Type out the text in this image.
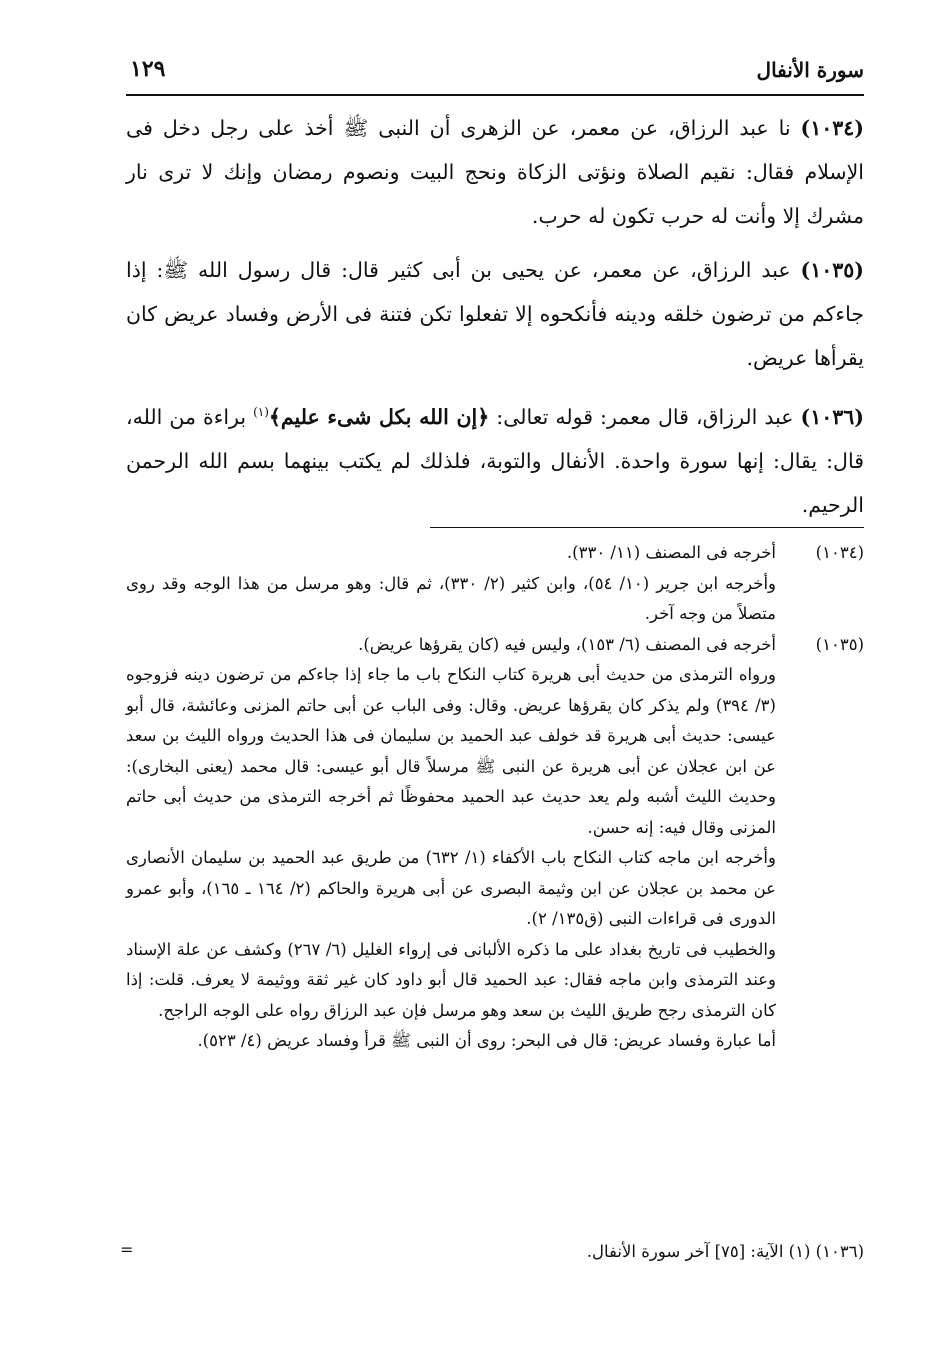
سورة الأنفال
١٢٩

(١٠٣٤) نا عبد الرزاق، عن معمر، عن الزهرى أن النبى ﷺ أخذ على رجل دخل فى الإسلام فقال: نقيم الصلاة ونؤتى الزكاة ونحج البيت ونصوم رمضان وإنك لا ترى نار مشرك إلا وأنت له حرب تكون له حرب.

(١٠٣٥) عبد الرزاق، عن معمر، عن يحيى بن أبى كثير قال: قال رسول الله ﷺ: إذا جاءكم من ترضون خلقه ودينه فأنكحوه إلا تفعلوا تكن فتنة فى الأرض وفساد عريض كان يقرأها عريض.

(١٠٣٦) عبد الرزاق، قال معمر: قوله تعالى: ﴿إن الله بكل شىء عليم﴾$^{(١)}$ براءة من الله، قال: يقال: إنها سورة واحدة. الأنفال والتوبة، فلذلك لم يكتب بينهما بسم الله الرحمن الرحيم.

(١٠٣٤)

أخرجه فى المصنف (١١/ ٣٣٠).

وأخرجه ابن جرير (١٠/ ٥٤)، وابن كثير (٢/ ٣٣٠)، ثم قال: وهو مرسل من هذا الوجه وقد روى متصلاً من وجه آخر.

(١٠٣٥)

أخرجه فى المصنف (٦/ ١٥٣)، وليس فيه (كان يقرؤها عريض).

ورواه الترمذى من حديث أبى هريرة كتاب النكاح باب ما جاء إذا جاءكم من ترضون دينه فزوجوه (٣/ ٣٩٤) ولم يذكر كان يقرؤها عريض. وقال: وفى الباب عن أبى حاتم المزنى وعائشة، قال أبو عيسى: حديث أبى هريرة قد خولف عبد الحميد بن سليمان فى هذا الحديث ورواه الليث بن سعد عن ابن عجلان عن أبى هريرة عن النبى ﷺ مرسلاً قال أبو عيسى: قال محمد (يعنى البخارى): وحديث الليث أشبه ولم يعد حديث عبد الحميد محفوظًا ثم أخرجه الترمذى من حديث أبى حاتم المزنى وقال فيه: إنه حسن.

وأخرجه ابن ماجه كتاب النكاح باب الأكفاء (١/ ٦٣٢) من طريق عبد الحميد بن سليمان الأنصارى عن محمد بن عجلان عن ابن وثيمة البصرى عن أبى هريرة والحاكم (٢/ ١٦٤ ـ ١٦٥)، وأبو عمرو الدورى فى قراءات النبى (ق١٣٥/ ٢).

والخطيب فى تاريخ بغداد على ما ذكره الألبانى فى إرواء الغليل (٦/ ٢٦٧) وكشف عن علة الإسناد وعند الترمذى وابن ماجه فقال: عبد الحميد قال أبو داود كان غير ثقة ووثيمة لا يعرف. قلت: إذا كان الترمذى رجح طريق الليث بن سعد وهو مرسل فإن عبد الرزاق رواه على الوجه الراجح.

أما عبارة وفساد عريض: قال فى البحر: روى أن النبى ﷺ قرأ وفساد عريض (٤/ ٥٢٣).

(١٠٣٦) (١) الآية: [٧٥] آخر سورة الأنفال.
=
